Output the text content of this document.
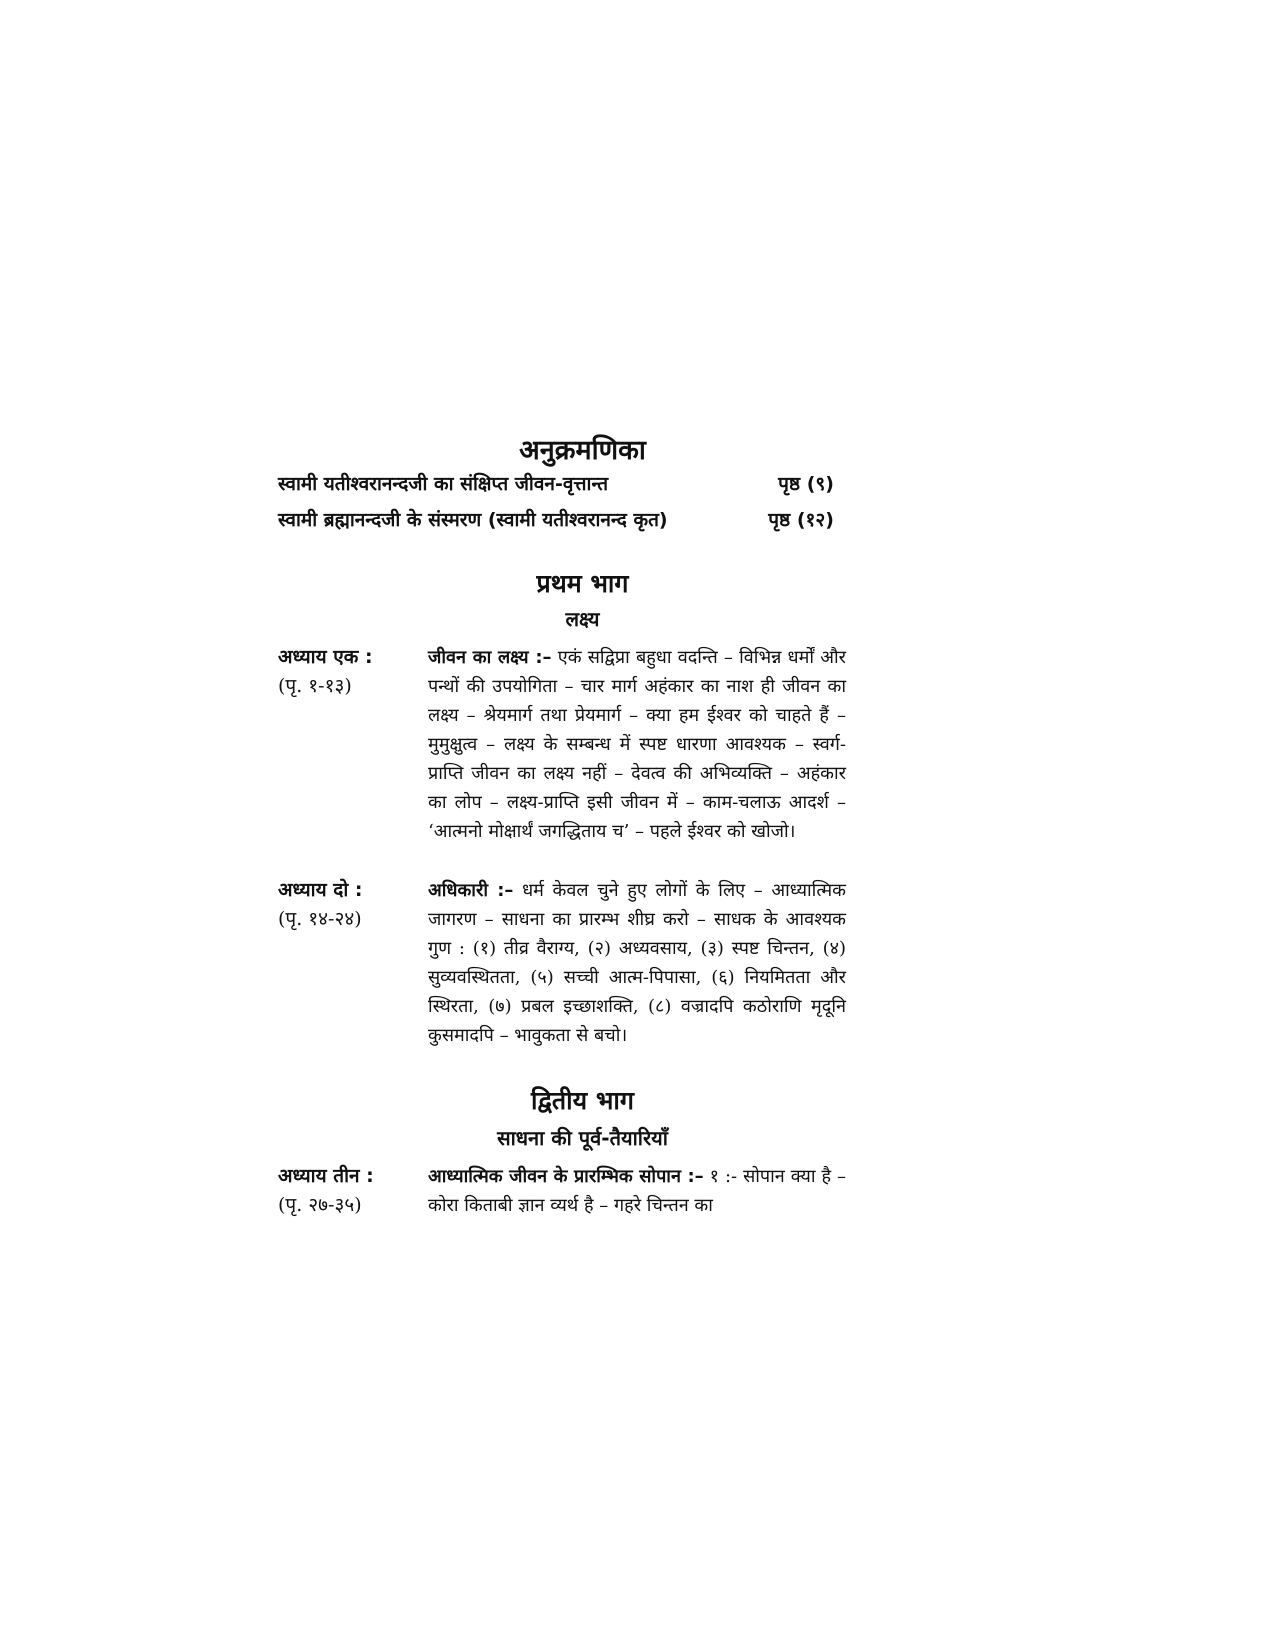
अनुक्रमणिका
स्वामी यतीश्वरानन्दजी का संक्षिप्त जीवन-वृत्तान्त	पृष्ठ (९)
स्वामी ब्रह्मानन्दजी के संस्मरण (स्वामी यतीश्वरानन्द कृत)	पृष्ठ (१२)
प्रथम भाग
लक्ष्य
अध्याय एक :
(पृ. १-१३)
जीवन का लक्ष्य :– एकं सद्विप्रा बहुधा वदन्ति – विभिन्न धर्मों और पन्थों की उपयोगिता – चार मार्ग अहंकार का नाश ही जीवन का लक्ष्य – श्रेयमार्ग तथा प्रेयमार्ग – क्या हम ईश्वर को चाहते हैं – मुमुक्षुत्व – लक्ष्य के सम्बन्ध में स्पष्ट धारणा आवश्यक – स्वर्ग-प्राप्ति जीवन का लक्ष्य नहीं – देवत्व की अभिव्यक्ति – अहंकार का लोप – लक्ष्य-प्राप्ति इसी जीवन में – काम-चलाऊ आदर्श – ‘आत्मनो मोक्षार्थं जगद्धिताय च’ – पहले ईश्वर को खोजो।
अध्याय दो :
(पृ. १४-२४)
अधिकारी :– धर्म केवल चुने हुए लोगों के लिए – आध्यात्मिक जागरण – साधना का प्रारम्भ शीघ्र करो – साधक के आवश्यक गुण : (१) तीव्र वैराग्य, (२) अध्यवसाय, (३) स्पष्ट चिन्तन, (४) सुव्यवस्थितता, (५) सच्ची आत्म-पिपासा, (६) नियमितता और स्थिरता, (७) प्रबल इच्छाशक्ति, (८) वज्रादपि कठोराणि मृदूनि कुसमादपि – भावुकता से बचो।
द्वितीय भाग
साधना की पूर्व-तैयारियाँ
अध्याय तीन :
(पृ. २७-३५)
आध्यात्मिक जीवन के प्रारम्भिक सोपान :– १ :- सोपान क्या है – कोरा किताबी ज्ञान व्यर्थ है – गहरे चिन्तन का
